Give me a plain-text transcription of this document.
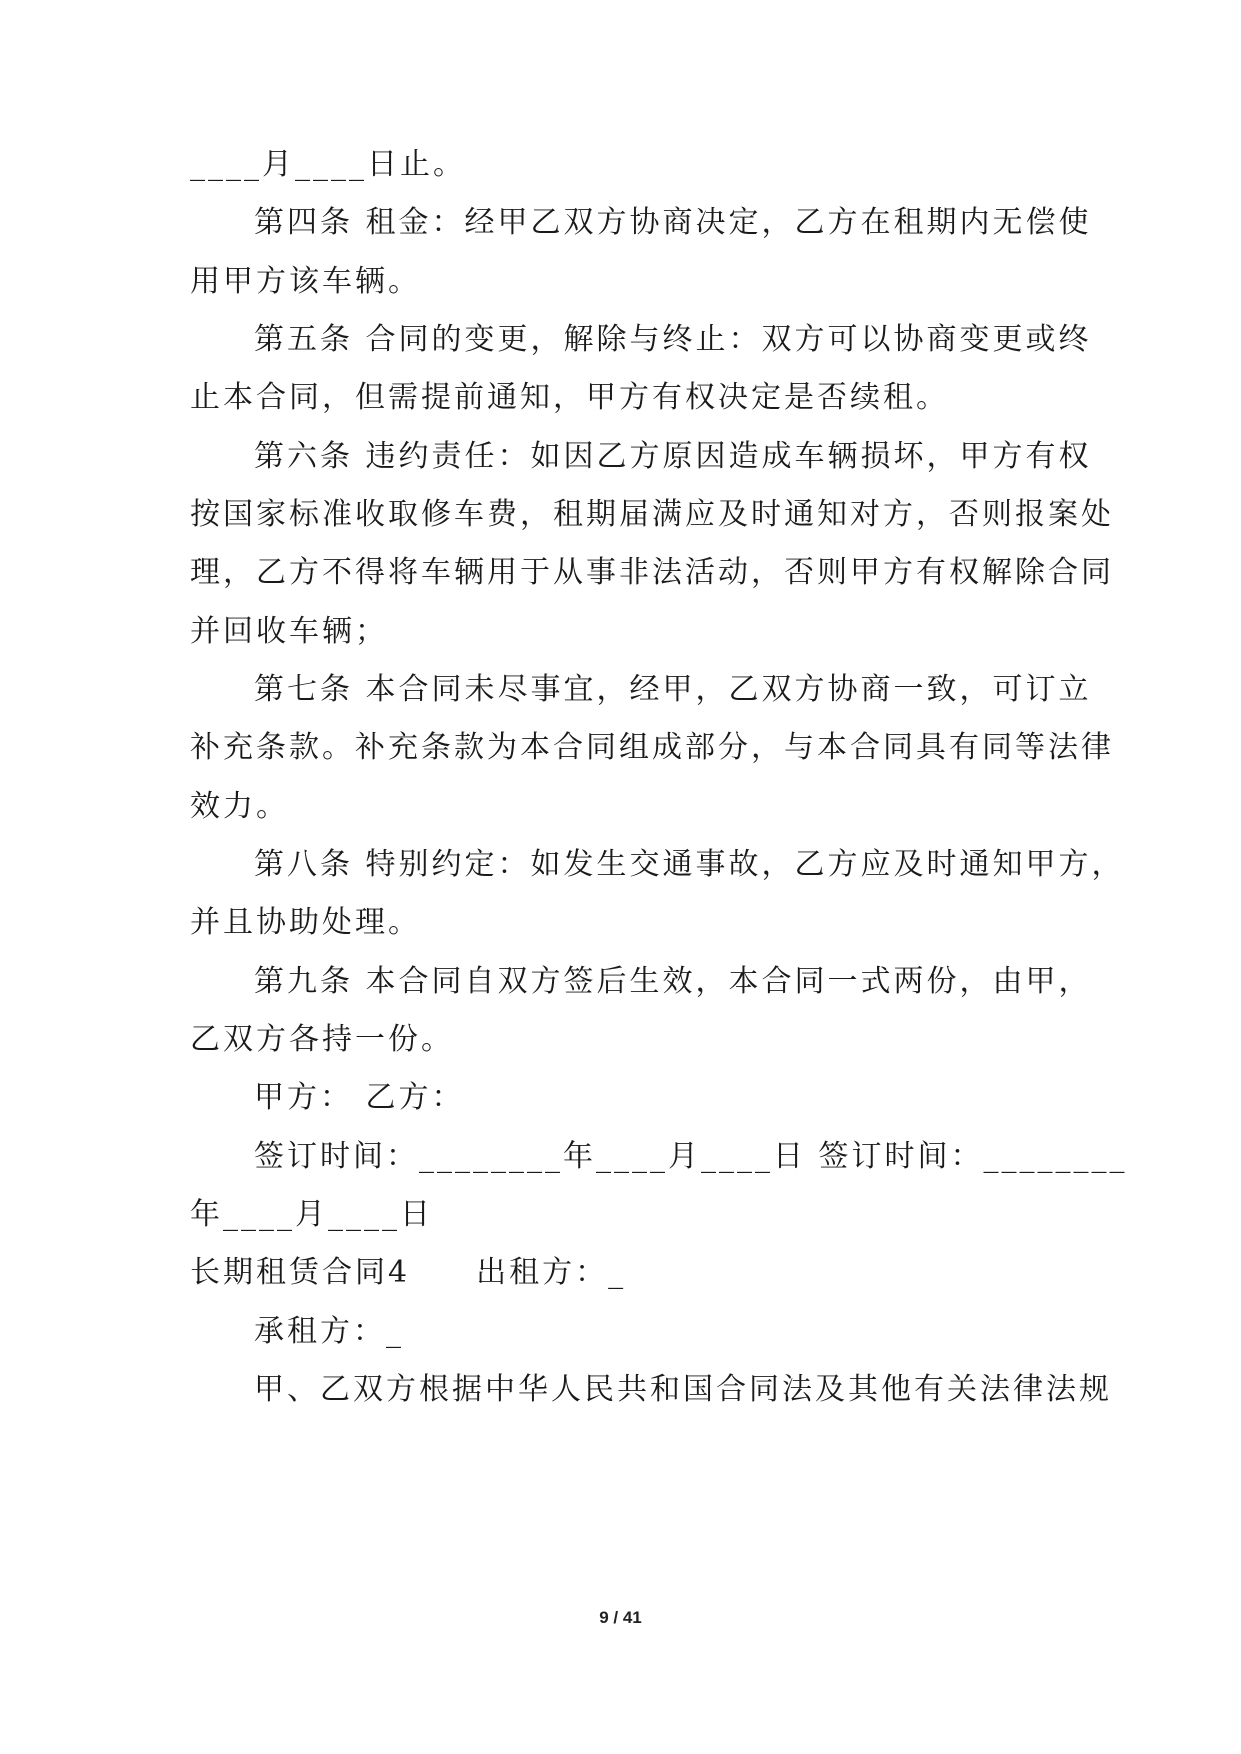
____月____日止。
第四条 租金：经甲乙双方协商决定，乙方在租期内无偿使
用甲方该车辆。
第五条 合同的变更，解除与终止：双方可以协商变更或终
止本合同，但需提前通知，甲方有权决定是否续租。
第六条 违约责任：如因乙方原因造成车辆损坏，甲方有权
按国家标准收取修车费，租期届满应及时通知对方，否则报案处
理，乙方不得将车辆用于从事非法活动，否则甲方有权解除合同
并回收车辆；
第七条 本合同未尽事宜，经甲，乙双方协商一致，可订立
补充条款。补充条款为本合同组成部分，与本合同具有同等法律
效力。
第八条 特别约定：如发生交通事故，乙方应及时通知甲方，
并且协助处理。
第九条 本合同自双方签后生效，本合同一式两份，由甲，
乙双方各持一份。
甲方： 乙方：
签订时间：________年____月____日 签订时间：________
年____月____日
长期租赁合同4　　出租方：_
承租方：_
甲、乙双方根据中华人民共和国合同法及其他有关法律法规
9 / 41
